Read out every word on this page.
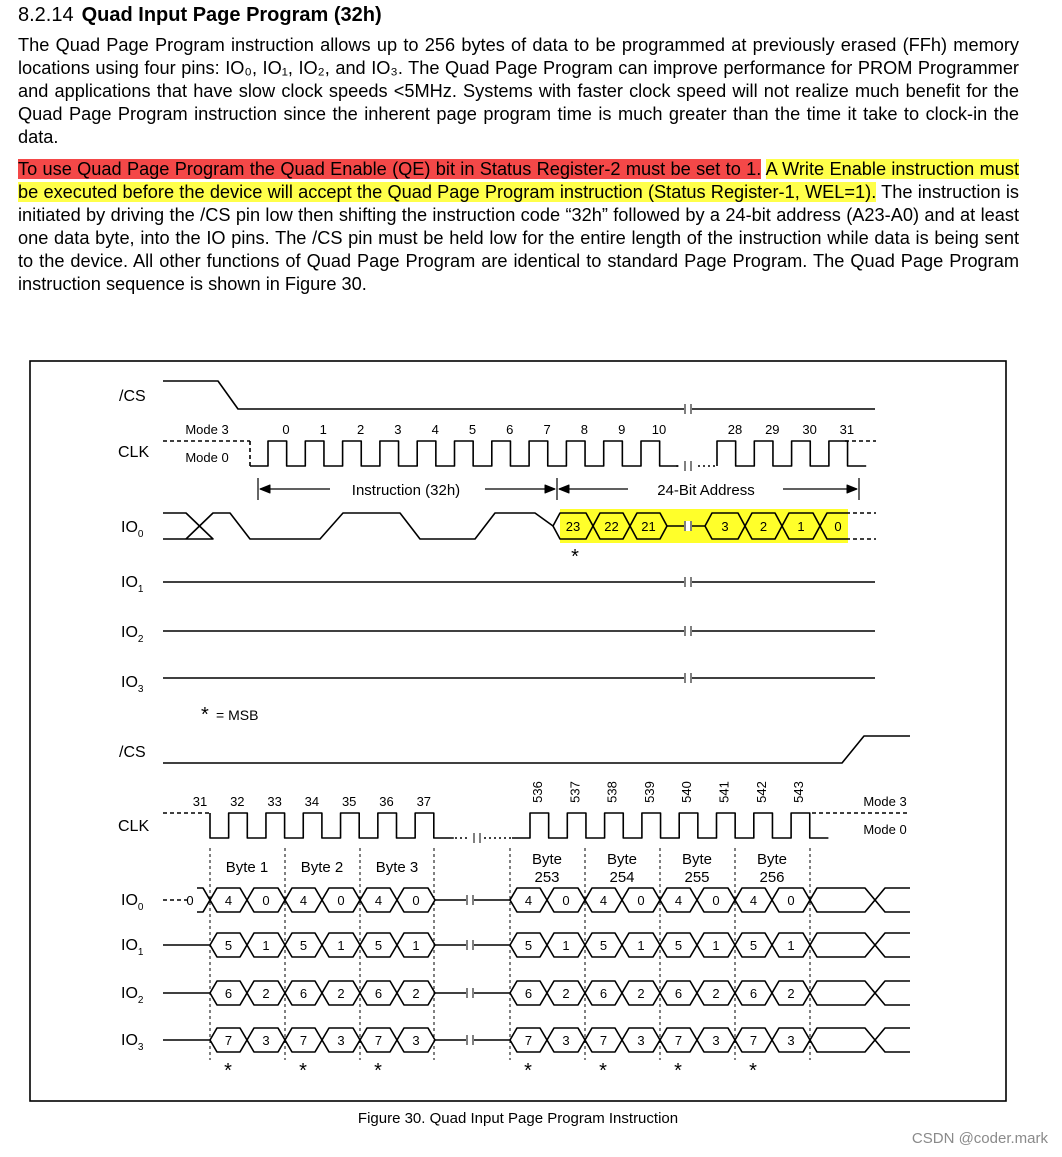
8.2.14 Quad Input Page Program (32h)
The Quad Page Program instruction allows up to 256 bytes of data to be programmed at previously erased (FFh) memory locations using four pins: IO₀, IO₁, IO₂, and IO₃. The Quad Page Program can improve performance for PROM Programmer and applications that have slow clock speeds <5MHz. Systems with faster clock speed will not realize much benefit for the Quad Page Program instruction since the inherent page program time is much greater than the time it take to clock-in the data.
To use Quad Page Program the Quad Enable (QE) bit in Status Register-2 must be set to 1. A Write Enable instruction must be executed before the device will accept the Quad Page Program instruction (Status Register-1, WEL=1). The instruction is initiated by driving the /CS pin low then shifting the instruction code “32h” followed by a 24-bit address (A23-A0) and at least one data byte, into the IO pins. The /CS pin must be held low for the entire length of the instruction while data is being sent to the device. All other functions of Quad Page Program are identical to standard Page Program. The Quad Page Program instruction sequence is shown in Figure 30.
Figure 30. Quad Input Page Program Instruction
/CS
CLK
$IO_0$
$IO_1$
$IO_2$
$IO_3$
Mode 3
Mode 0
0 1 2 3 4 5 6 7 8 9 10	28 29 30 31
Instruction (32h)	24-Bit Address
23 22 21	3 2 1 0
*
* = MSB
/CS
CLK
$IO_0$
$IO_1$
$IO_2$
$IO_3$
31 32 33 34 35 36 37	536 537 538 539 540 541 542 543	Mode 3
Mode 0
Byte 1 Byte 2 Byte 3	Byte
253
Byte
254
Byte
255
Byte
256
0 4 0 4 0 4 0	4 0 4 0 4 0 4 0
5 1 5 1 5 1	5 1 5 1 5 1 5 1
6 2 6 2 6 2	6 2 6 2 6 2 6 2
7 3 7 3 7 3	7 3 7 3 7 3 7 3
*	*	*	*	*	*	*
CSDN @coder.mark
